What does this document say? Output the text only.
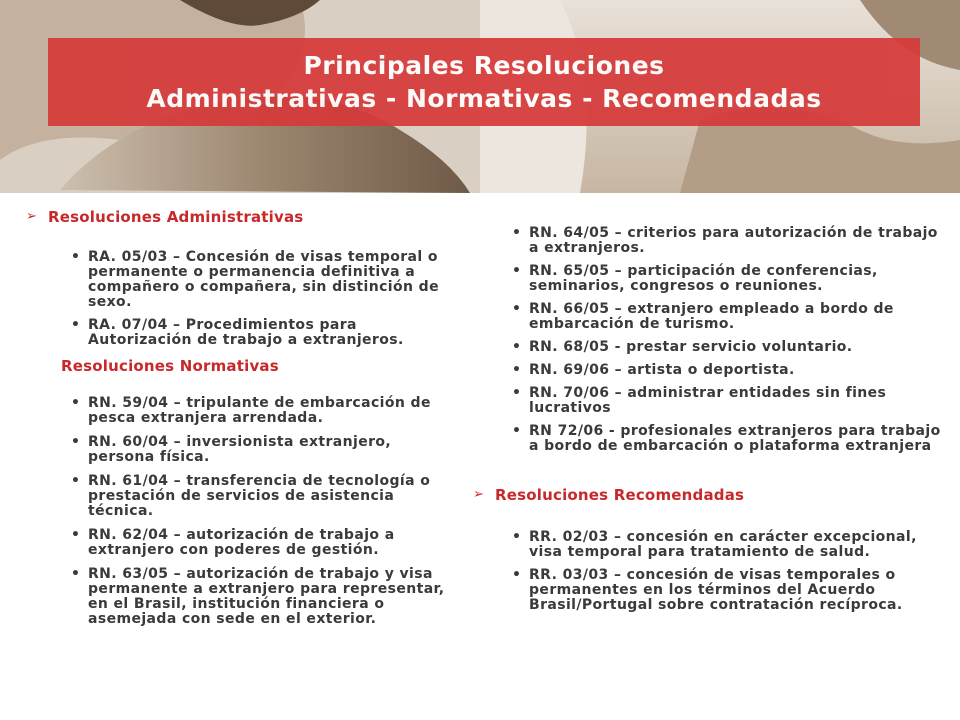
Principales Resoluciones
Administrativas - Normativas - Recomendadas
➢ Resoluciones Administrativas
• RA. 05/03 – Concesión de visas temporal o permanente o permanencia definitiva a compañero o compañera, sin distinción de sexo.
• RA. 07/04 – Procedimientos para Autorización de trabajo a extranjeros.
Resoluciones Normativas
• RN. 59/04 – tripulante de embarcación de pesca extranjera arrendada.
• RN. 60/04 – inversionista extranjero, persona física.
• RN. 61/04 – transferencia de tecnología o prestación de servicios de asistencia técnica.
• RN. 62/04 – autorización de trabajo a extranjero con poderes de gestión.
• RN. 63/05 – autorización de trabajo y visa permanente a extranjero para representar, en el Brasil, institución financiera o asemejada con sede en el exterior.
• RN. 64/05 – criterios para autorización de trabajo a extranjeros.
• RN. 65/05 – participación de conferencias, seminarios, congresos o reuniones.
• RN. 66/05 – extranjero empleado a bordo de embarcación de turismo.
• RN. 68/05 - prestar servicio voluntario.
• RN. 69/06 – artista o deportista.
• RN. 70/06 – administrar entidades sin fines lucrativos
• RN 72/06 - profesionales extranjeros para trabajo a bordo de embarcación o plataforma extranjera
➢ Resoluciones Recomendadas
• RR. 02/03 – concesión en carácter excepcional, visa temporal para tratamiento de salud.
• RR. 03/03 – concesión de visas temporales o permanentes en los términos del Acuerdo Brasil/Portugal sobre contratación recíproca.
